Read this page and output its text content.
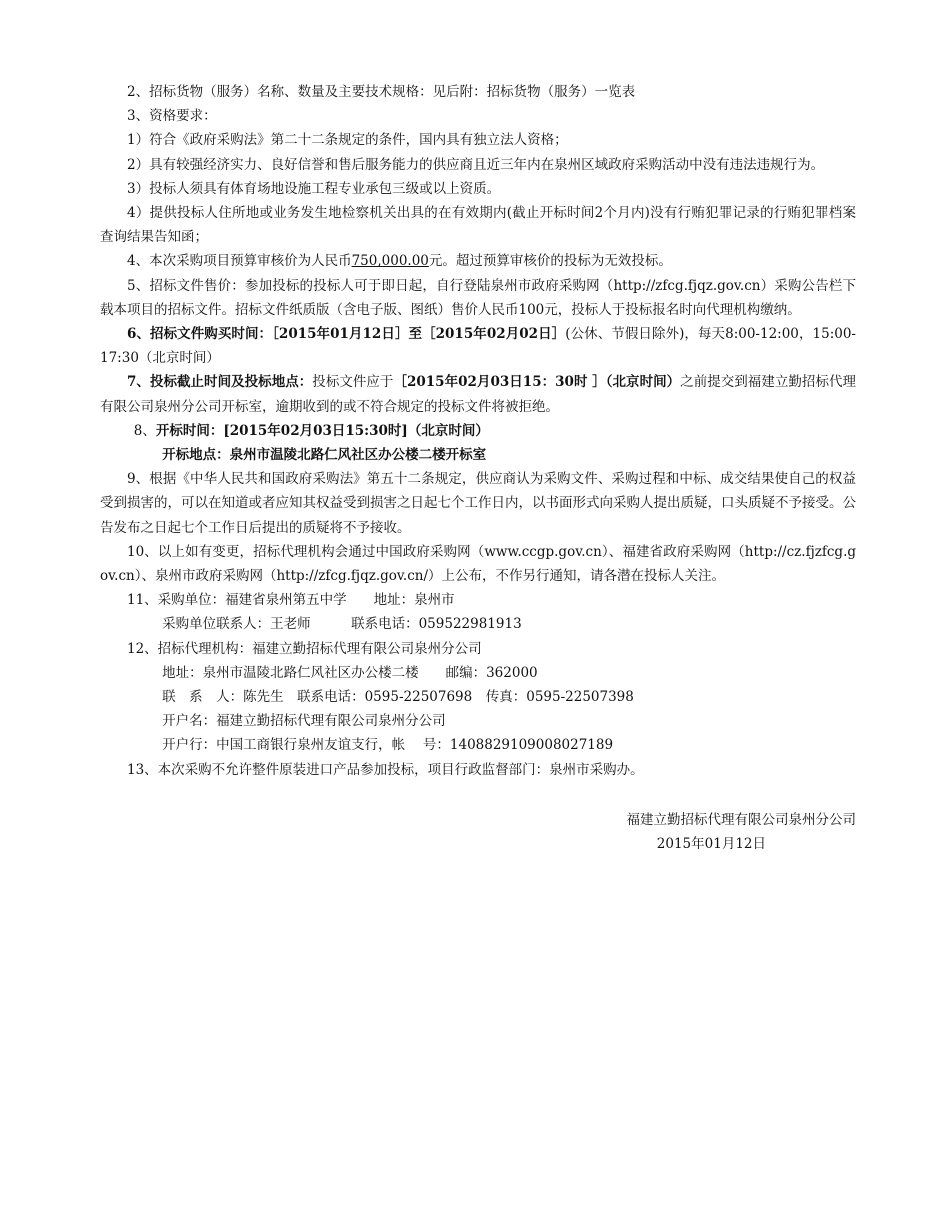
2、招标货物（服务）名称、数量及主要技术规格：见后附：招标货物（服务）一览表

3、资格要求：

1）符合《政府采购法》第二十二条规定的条件，国内具有独立法人资格；

2）具有较强经济实力、良好信誉和售后服务能力的供应商且近三年内在泉州区域政府采购活动中没有违法违规行为。

3）投标人须具有体育场地设施工程专业承包三级或以上资质。

4）提供投标人住所地或业务发生地检察机关出具的在有效期内(截止开标时间2个月内)没有行贿犯罪记录的行贿犯罪档案查询结果告知函；

4、本次采购项目预算审核价为人民币750,000.00元。超过预算审核价的投标为无效投标。

5、招标文件售价：参加投标的投标人可于即日起，自行登陆泉州市政府采购网（http://zfcg.fjqz.gov.cn）采购公告栏下载本项目的招标文件。招标文件纸质版（含电子版、图纸）售价人民币100元，投标人于投标报名时向代理机构缴纳。

6、招标文件购买时间：［2015年01月12日］至［2015年02月02日］(公休、节假日除外)，每天8:00-12:00，15:00-17:30（北京时间）

7、投标截止时间及投标地点：投标文件应于［2015年02月03日15：30时 ］（北京时间）之前提交到福建立勤招标代理有限公司泉州分公司开标室，逾期收到的或不符合规定的投标文件将被拒绝。

8、开标时间：[2015年02月03日15:30时]（北京时间）

开标地点：泉州市温陵北路仁风社区办公楼二楼开标室

9、根据《中华人民共和国政府采购法》第五十二条规定，供应商认为采购文件、采购过程和中标、成交结果使自己的权益受到损害的，可以在知道或者应知其权益受到损害之日起七个工作日内，以书面形式向采购人提出质疑，口头质疑不予接受。公告发布之日起七个工作日后提出的质疑将不予接收。

10、以上如有变更，招标代理机构会通过中国政府采购网（www.ccgp.gov.cn）、福建省政府采购网（http://cz.fjzfcg.gov.cn）、泉州市政府采购网（http://zfcg.fjqz.gov.cn/）上公布，不作另行通知，请各潜在投标人关注。

11、采购单位：福建省泉州第五中学　　地址：泉州市

采购单位联系人：王老师　　　联系电话：059522981913

12、招标代理机构：福建立勤招标代理有限公司泉州分公司

地址：泉州市温陵北路仁风社区办公楼二楼　　邮编：362000

联　系　人：陈先生　联系电话：0595-22507698　传真：0595-22507398

开户名：福建立勤招标代理有限公司泉州分公司

开户行：中国工商银行泉州友谊支行，帐　 号：1408829109008027189

13、本次采购不允许整件原装进口产品参加投标，项目行政监督部门：泉州市采购办。

福建立勤招标代理有限公司泉州分公司
2015年01月12日
